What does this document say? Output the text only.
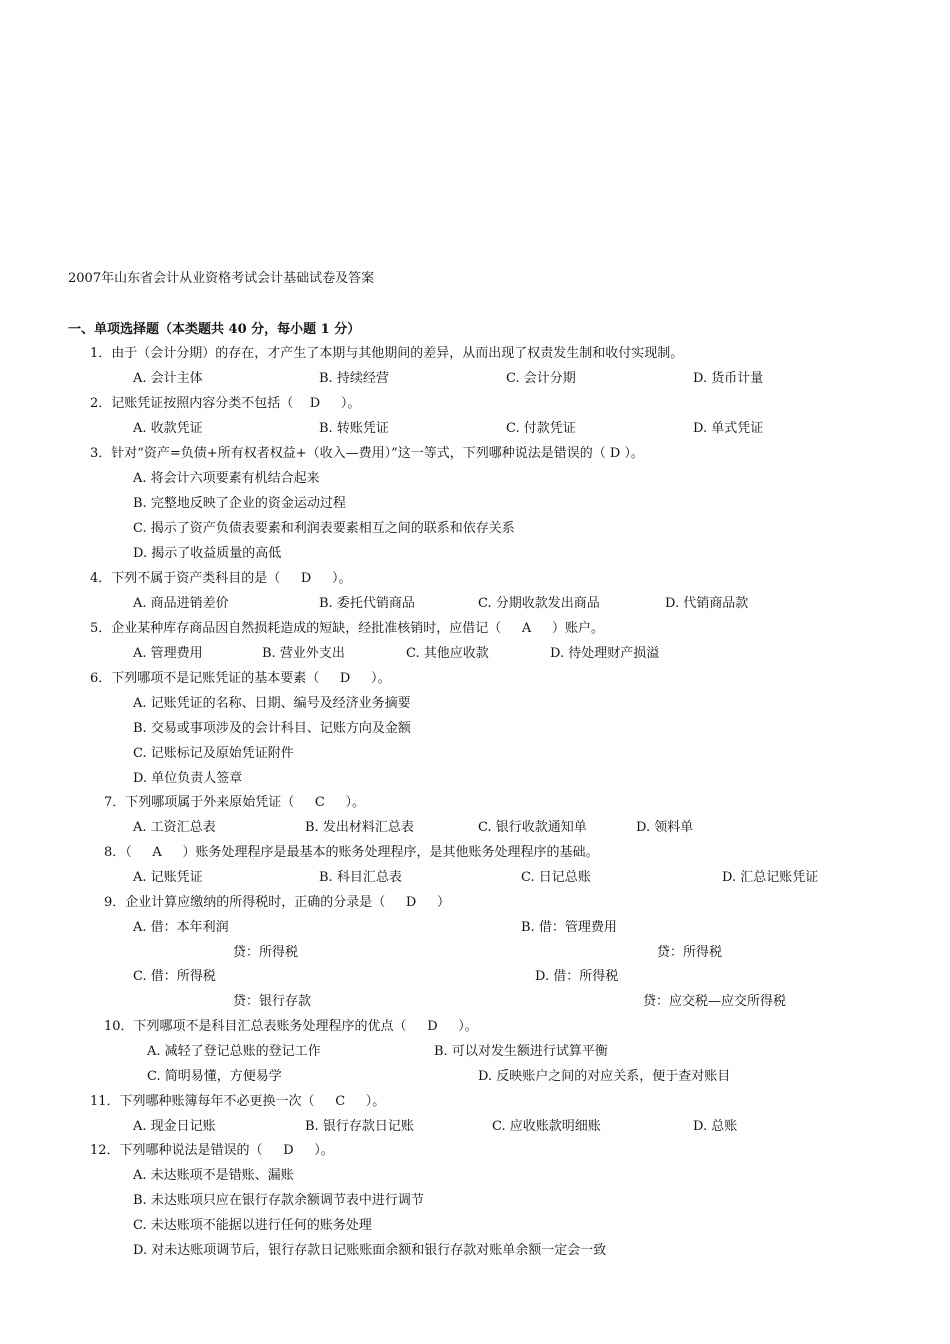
2007年山东省会计从业资格考试会计基础试卷及答案
一、单项选择题（本类题共 40 分，每小题 1 分）
1．由于（会计分期）的存在，才产生了本期与其他期间的差异，从而出现了权责发生制和收付实现制。
A. 会计主体	B. 持续经营	C. 会计分期	D. 货币计量
2．记账凭证按照内容分类不包括（    D     ）。
A. 收款凭证	B. 转账凭证	C. 付款凭证	D. 单式凭证
3．针对“资产=负债+所有权者权益+（收入—费用）”这一等式，下列哪种说法是错误的（ D ）。
A. 将会计六项要素有机结合起来
B. 完整地反映了企业的资金运动过程
C. 揭示了资产负债表要素和利润表要素相互之间的联系和依存关系
D. 揭示了收益质量的高低
4．下列不属于资产类科目的是（     D     ）。
A. 商品进销差价	B. 委托代销商品	C. 分期收款发出商品	D. 代销商品款
5．企业某种库存商品因自然损耗造成的短缺，经批准核销时，应借记（     A     ）账户。
A. 管理费用	B. 营业外支出	C. 其他应收款	D. 待处理财产损溢
6．下列哪项不是记账凭证的基本要素（     D     ）。
A. 记账凭证的名称、日期、编号及经济业务摘要
B. 交易或事项涉及的会计科目、记账方向及金额
C. 记账标记及原始凭证附件
D. 单位负责人签章
7．下列哪项属于外来原始凭证（     C     ）。
A. 工资汇总表	B. 发出材料汇总表	C. 银行收款通知单	D. 领料单
8．（     A     ）账务处理程序是最基本的账务处理程序，是其他账务处理程序的基础。
A. 记账凭证	B. 科目汇总表	C. 日记总账	D. 汇总记账凭证
9．企业计算应缴纳的所得税时，正确的分录是（     D     ）
A. 借：本年利润	B. 借：管理费用
贷：所得税	贷：所得税
C. 借：所得税	D. 借：所得税
贷：银行存款	贷：应交税—应交所得税
10．下列哪项不是科目汇总表账务处理程序的优点（     D     ）。
A. 减轻了登记总账的登记工作	B. 可以对发生额进行试算平衡
C. 简明易懂，方便易学	D. 反映账户之间的对应关系，便于查对账目
11．下列哪种账簿每年不必更换一次（     C     ）。
A. 现金日记账	B. 银行存款日记账	C. 应收账款明细账	D. 总账
12．下列哪种说法是错误的（     D     ）。
A. 未达账项不是错账、漏账
B. 未达账项只应在银行存款余额调节表中进行调节
C. 未达账项不能据以进行任何的账务处理
D. 对未达账项调节后，银行存款日记账账面余额和银行存款对账单余额一定会一致
